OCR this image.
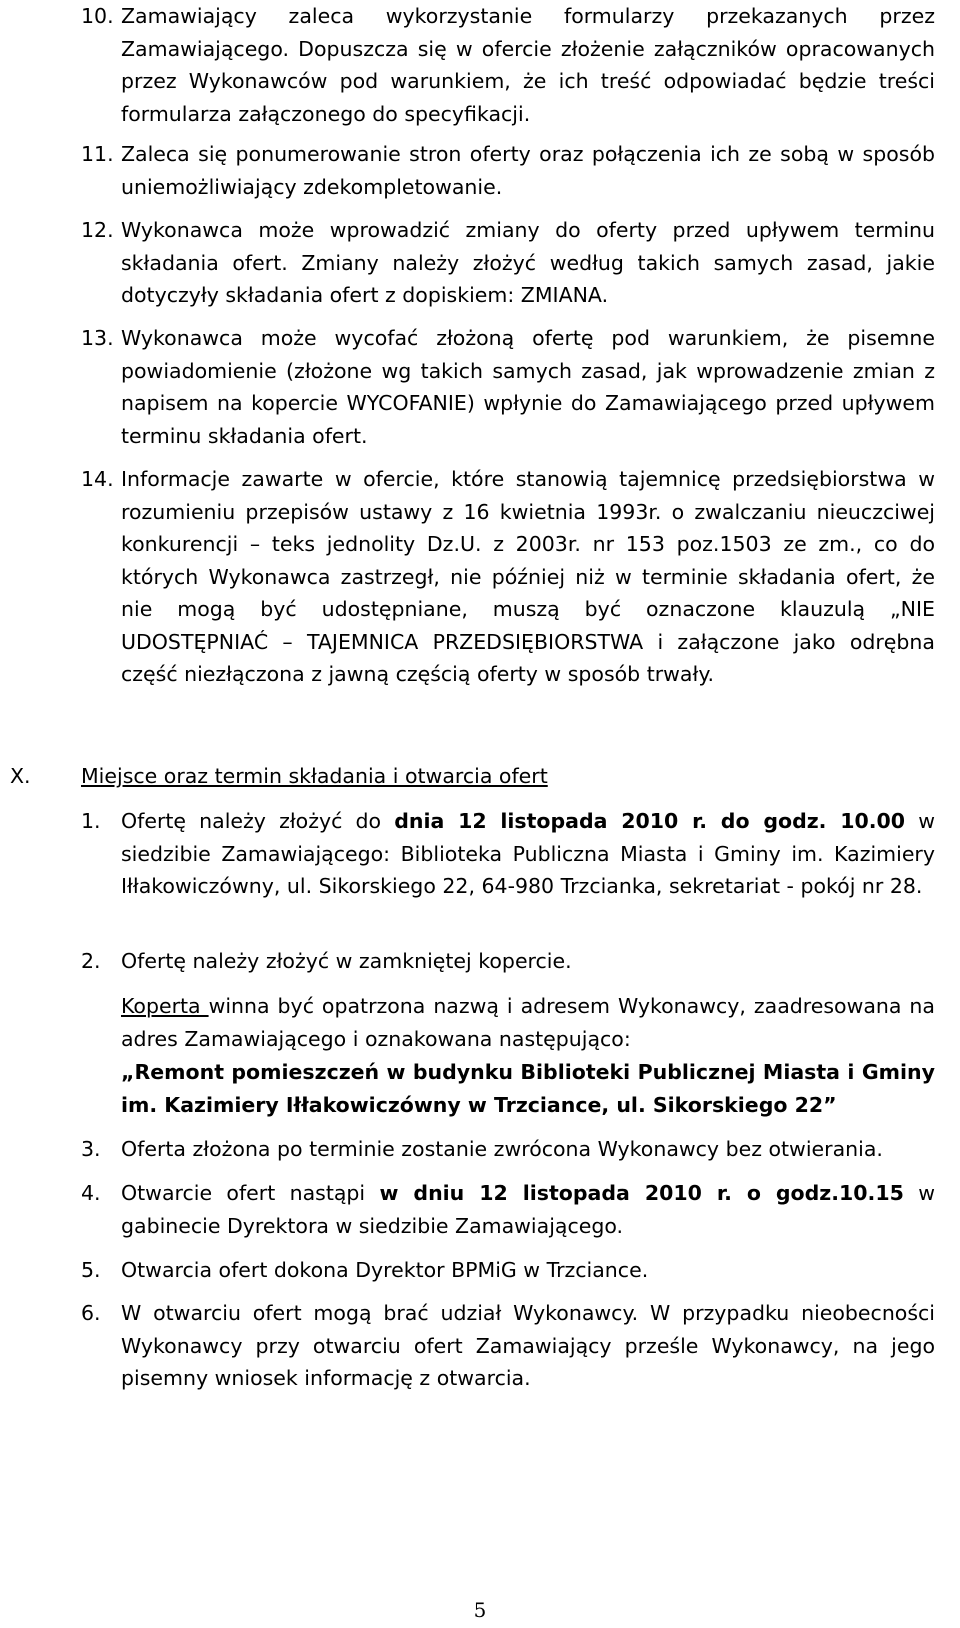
10. Zamawiający zaleca wykorzystanie formularzy przekazanych przez Zamawiającego. Dopuszcza się w ofercie złożenie załączników opracowanych przez Wykonawców pod warunkiem, że ich treść odpowiadać będzie treści formularza załączonego do specyfikacji.
11. Zaleca się ponumerowanie stron oferty oraz połączenia ich ze sobą w sposób uniemożliwiający zdekompletowanie.
12. Wykonawca może wprowadzić zmiany do oferty przed upływem terminu składania ofert. Zmiany należy złożyć według takich samych zasad, jakie dotyczyły składania ofert z dopiskiem: ZMIANA.
13. Wykonawca może wycofać złożoną ofertę pod warunkiem, że pisemne powiadomienie (złożone wg takich samych zasad, jak wprowadzenie zmian z napisem na kopercie WYCOFANIE) wpłynie do Zamawiającego przed upływem terminu składania ofert.
14. Informacje zawarte w ofercie, które stanowią tajemnicę przedsiębiorstwa w rozumieniu przepisów ustawy z 16 kwietnia 1993r. o zwalczaniu nieuczciwej konkurencji – teks jednolity Dz.U. z 2003r. nr 153 poz.1503 ze zm., co do których Wykonawca zastrzegł, nie później niż w terminie składania ofert, że nie mogą być udostępniane, muszą być oznaczone klauzulą „NIE UDOSTĘPNIAĆ – TAJEMNICA PRZEDSIĘBIORSTWA i załączone jako odrębna część niezłączona z jawną częścią oferty w sposób trwały.
X. Miejsce oraz termin składania i otwarcia ofert
1. Ofertę należy złożyć do dnia 12 listopada 2010 r. do godz. 10.00 w siedzibie Zamawiającego: Biblioteka Publiczna Miasta i Gminy im. Kazimiery Iłłakowiczówny, ul. Sikorskiego 22, 64-980 Trzcianka, sekretariat - pokój nr 28.
2. Ofertę należy złożyć w zamkniętej kopercie.
Koperta winna być opatrzona nazwą i adresem Wykonawcy, zaadresowana na adres Zamawiającego i oznakowana następująco:
„Remont pomieszczeń w budynku Biblioteki Publicznej Miasta i Gminy im. Kazimiery Iłłakowiczówny w Trzciance, ul. Sikorskiego 22”
3. Oferta złożona po terminie zostanie zwrócona Wykonawcy bez otwierania.
4. Otwarcie ofert nastąpi w dniu 12 listopada 2010 r. o godz.10.15 w gabinecie Dyrektora w siedzibie Zamawiającego.
5. Otwarcia ofert dokona Dyrektor BPMiG w Trzciance.
6. W otwarciu ofert mogą brać udział Wykonawcy. W przypadku nieobecności Wykonawcy przy otwarciu ofert Zamawiający prześle Wykonawcy, na jego pisemny wniosek informację z otwarcia.
5
